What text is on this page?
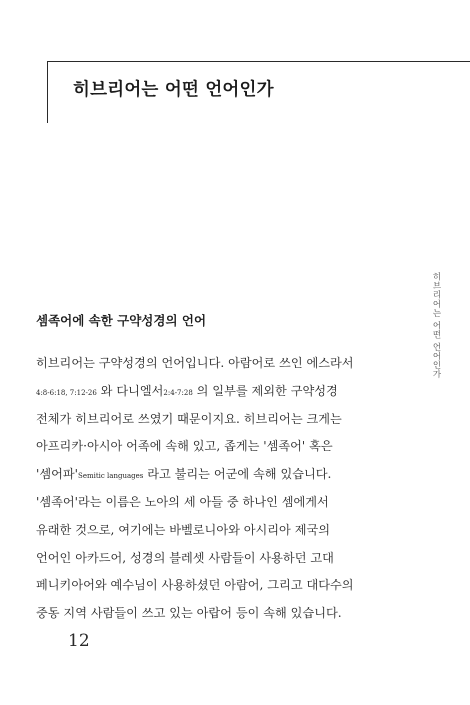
히브리어는 어떤 언어인가
히브리어는 어떤 언어인가
셈족어에 속한 구약성경의 언어
히브리어는 구약성경의 언어입니다. 아람어로 쓰인 에스라서
4:8-6:18, 7:12-26 와 다니엘서2:4-7:28 의 일부를 제외한 구약성경
전체가 히브리어로 쓰였기 때문이지요. 히브리어는 크게는
아프리카·아시아 어족에 속해 있고, 좁게는 '셈족어' 혹은
'셈어파'Semitic languages 라고 불리는 어군에 속해 있습니다.
'셈족어'라는 이름은 노아의 세 아들 중 하나인 셈에게서
유래한 것으로, 여기에는 바벨로니아와 아시리아 제국의
언어인 아카드어, 성경의 블레셋 사람들이 사용하던 고대
페니키아어와 예수님이 사용하셨던 아람어, 그리고 대다수의
중동 지역 사람들이 쓰고 있는 아랍어 등이 속해 있습니다.
12
